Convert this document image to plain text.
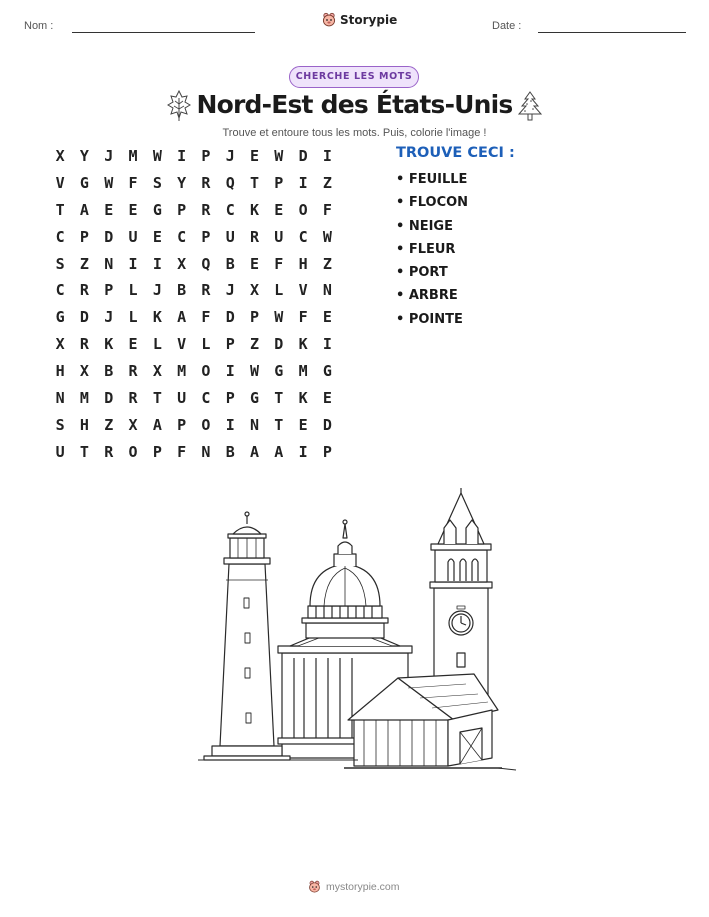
Nom :	Storypie	Date :
CHERCHE LES MOTS
Nord-Est des États-Unis
Trouve et entoure tous les mots. Puis, colorie l'image !
X	Y	J	M	W	I	P	J	E	W	D	I
V	G	W	F	S	Y	R	Q	T	P	I	Z
T	A	E	E	G	P	R	C	K	E	O	F
C	P	D	U	E	C	P	U	R	U	C	W
S	Z	N	I	I	X	Q	B	E	F	H	Z
C	R	P	L	J	B	R	J	X	L	V	N
G	D	J	L	K	A	F	D	P	W	F	E
X	R	K	E	L	V	L	P	Z	D	K	I
H	X	B	R	X	M	O	I	W	G	M	G
N	M	D	R	T	U	C	P	G	T	K	E
S	H	Z	X	A	P	O	I	N	T	E	D
U	T	R	O	P	F	N	B	A	A	I	P
TROUVE CECI :
• FEUILLE
• FLOCON
• NEIGE
• FLEUR
• PORT
• ARBRE
• POINTE
mystorypie.com
